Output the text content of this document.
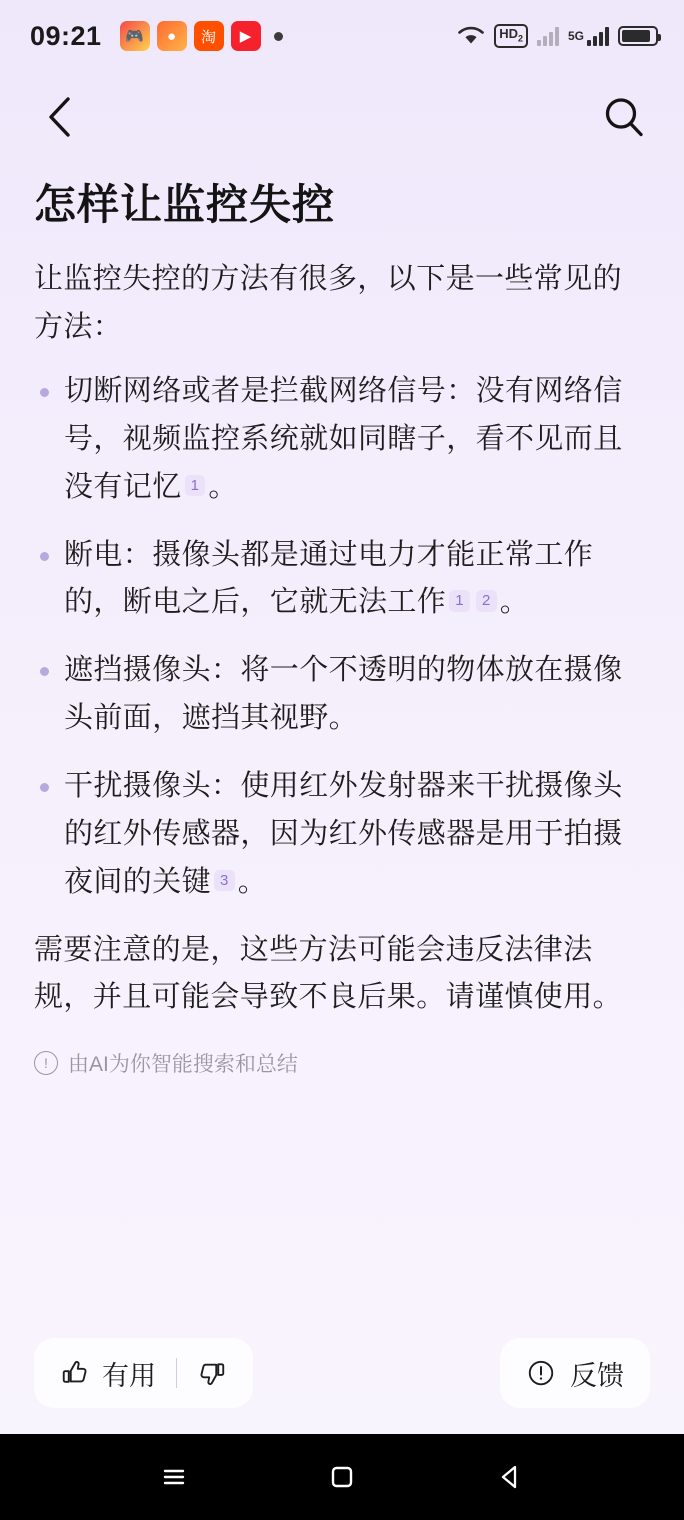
09:21	🎮	●	淘	▶	$HD_2$	5G
怎样让监控失控

让监控失控的方法有很多，以下是一些常见的方法：

切断网络或者是拦截网络信号：没有网络信号，视频监控系统就如同瞎子，看不见而且没有记忆 1 。
断电：摄像头都是通过电力才能正常工作的，断电之后，它就无法工作 1 2 。
遮挡摄像头：将一个不透明的物体放在摄像头前面，遮挡其视野。
干扰摄像头：使用红外发射器来干扰摄像头的红外传感器，因为红外传感器是用于拍摄夜间的关键 3 。

需要注意的是，这些方法可能会违反法律法规，并且可能会导致不良后果。请谨慎使用。

! 由AI为你智能搜索和总结
有用	反馈
